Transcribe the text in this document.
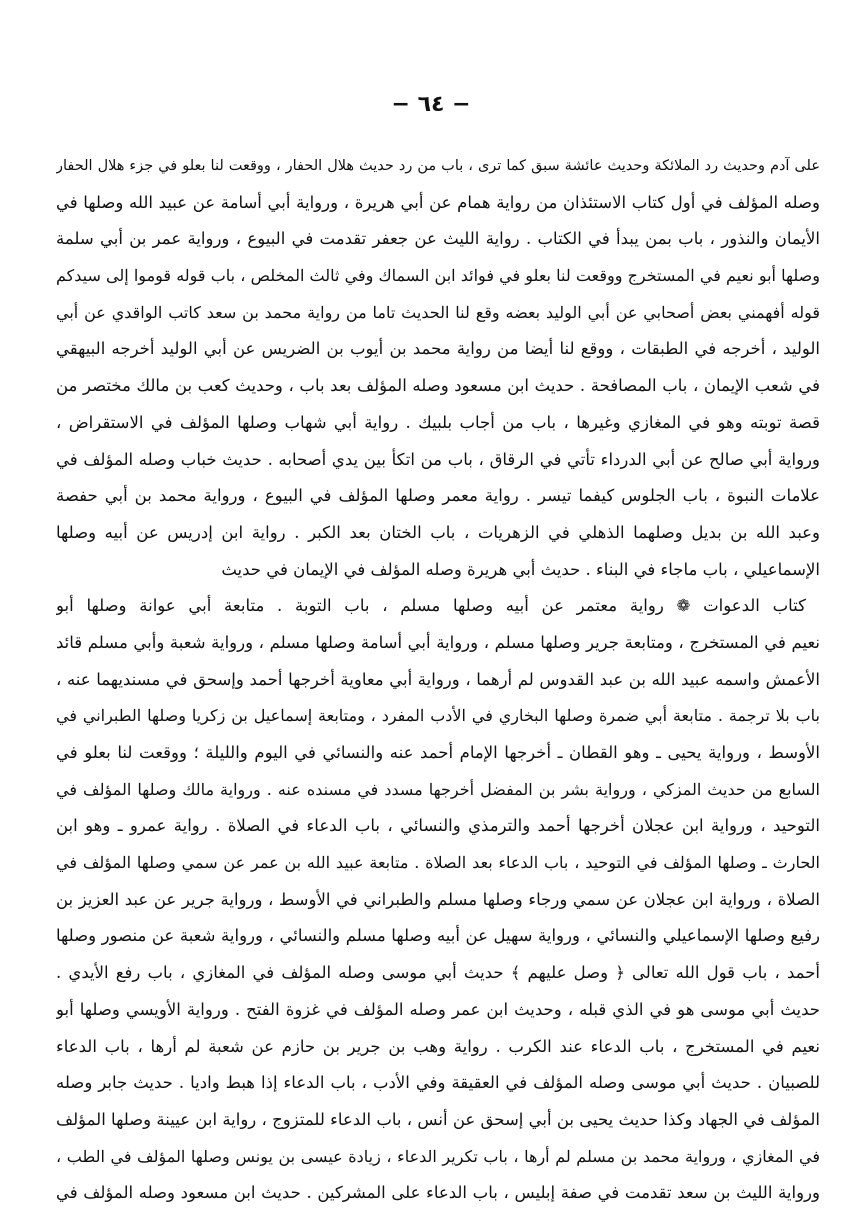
− ٦٤ −
على آدم وحديث رد الملائكة وحديث عائشة سبق كما ترى ، باب من رد حديث هلال الحفار ، ووقعت لنا بعلو في جزء هلال الحفار
وصله المؤلف في أول كتاب الاستئذان من رواية همام عن أبي هريرة ، ورواية أبي أسامة عن عبيد الله وصلها في
الأيمان والنذور ، باب بمن يبدأ في الكتاب . رواية الليث عن جعفر تقدمت في البيوع ، ورواية عمر بن أبي سلمة
وصلها أبو نعيم في المستخرج ووقعت لنا بعلو في فوائد ابن السماك وفي ثالث المخلص ، باب قوله قوموا إلى سيدكم
قوله أفهمني بعض أصحابي عن أبي الوليد بعضه وقع لنا الحديث تاما من رواية محمد بن سعد كاتب الواقدي عن أبي
الوليد ، أخرجه في الطبقات ، ووقع لنا أيضا من رواية محمد بن أيوب بن الضريس عن أبي الوليد أخرجه البيهقي
في شعب الإيمان ، باب المصافحة . حديث ابن مسعود وصله المؤلف بعد باب ، وحديث كعب بن مالك مختصر من
قصة توبته وهو في المغازي وغيرها ، باب من أجاب بلبيك . رواية أبي شهاب وصلها المؤلف في الاستقراض ،
ورواية أبي صالح عن أبي الدرداء تأتي في الرقاق ، باب من اتكأ بين يدي أصحابه . حديث خباب وصله المؤلف في
علامات النبوة ، باب الجلوس كيفما تيسر . رواية معمر وصلها المؤلف في البيوع ، ورواية محمد بن أبي حفصة
وعبد الله بن بديل وصلهما الذهلي في الزهريات ، باب الختان بعد الكبر . رواية ابن إدريس عن أبيه وصلها
الإسماعيلي ، باب ماجاء في البناء . حديث أبي هريرة وصله المؤلف في الإيمان في حديث
كتاب الدعوات ❁ رواية معتمر عن أبيه وصلها مسلم ، باب التوبة . متابعة أبي عوانة وصلها أبو
نعيم في المستخرج ، ومتابعة جرير وصلها مسلم ، ورواية أبي أسامة وصلها مسلم ، ورواية شعبة وأبي مسلم قائد
الأعمش واسمه عبيد الله بن عبد القدوس لم أرهما ، ورواية أبي معاوية أخرجها أحمد وإسحق في مسنديهما عنه ،
باب بلا ترجمة . متابعة أبي ضمرة وصلها البخاري في الأدب المفرد ، ومتابعة إسماعيل بن زكريا وصلها الطبراني في
الأوسط ، ورواية يحيى ـ وهو القطان ـ أخرجها الإمام أحمد عنه والنسائي في اليوم والليلة ؛ ووقعت لنا بعلو في
السابع من حديث المزكي ، ورواية بشر بن المفضل أخرجها مسدد في مسنده عنه . ورواية مالك وصلها المؤلف في
التوحيد ، ورواية ابن عجلان أخرجها أحمد والترمذي والنسائي ، باب الدعاء في الصلاة . رواية عمرو ـ وهو ابن
الحارث ـ وصلها المؤلف في التوحيد ، باب الدعاء بعد الصلاة . متابعة عبيد الله بن عمر عن سمي وصلها المؤلف في
الصلاة ، ورواية ابن عجلان عن سمي ورجاء وصلها مسلم والطبراني في الأوسط ، ورواية جرير عن عبد العزيز بن
رفيع وصلها الإسماعيلي والنسائي ، ورواية سهيل عن أبيه وصلها مسلم والنسائي ، ورواية شعبة عن منصور وصلها
أحمد ، باب قول الله تعالى ﴿ وصل عليهم ﴾ حديث أبي موسى وصله المؤلف في المغازي ، باب رفع الأيدي .
حديث أبي موسى هو في الذي قبله ، وحديث ابن عمر وصله المؤلف في غزوة الفتح . ورواية الأويسي وصلها أبو
نعيم في المستخرج ، باب الدعاء عند الكرب . رواية وهب بن جرير بن حازم عن شعبة لم أرها ، باب الدعاء
للصبيان . حديث أبي موسى وصله المؤلف في العقيقة وفي الأدب ، باب الدعاء إذا هبط واديا . حديث جابر وصله
المؤلف في الجهاد وكذا حديث يحيى بن أبي إسحق عن أنس ، باب الدعاء للمتزوج ، رواية ابن عيينة وصلها المؤلف
في المغازي ، ورواية محمد بن مسلم لم أرها ، باب تكرير الدعاء ، زيادة عيسى بن يونس وصلها المؤلف في الطب ،
ورواية الليث بن سعد تقدمت في صفة إبليس ، باب الدعاء على المشركين . حديث ابن مسعود وصله المؤلف في
